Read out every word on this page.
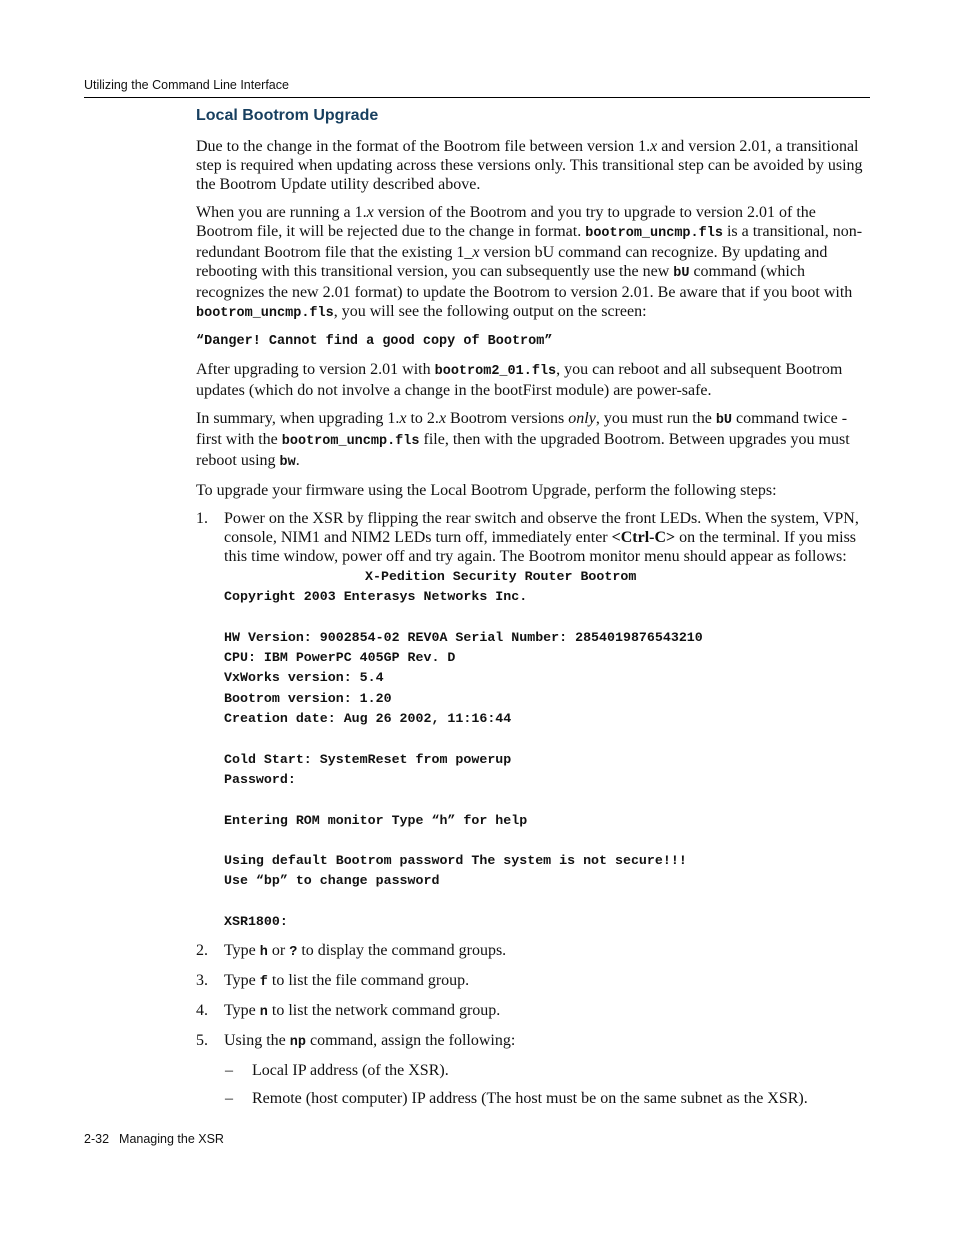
Utilizing the Command Line Interface
Local Bootrom Upgrade

Due to the change in the format of the Bootrom file between version 1.x and version 2.01, a transitional step is required when updating across these versions only. This transitional step can be avoided by using the Bootrom Update utility described above.

When you are running a 1.x version of the Bootrom and you try to upgrade to version 2.01 of the Bootrom file, it will be rejected due to the change in format. bootrom_uncmp.fls is a transitional, non-redundant Bootrom file that the existing 1_x version bU command can recognize. By updating and rebooting with this transitional version, you can subsequently use the new bU command (which recognizes the new 2.01 format) to update the Bootrom to version 2.01. Be aware that if you boot with bootrom_uncmp.fls, you will see the following output on the screen:

“Danger! Cannot find a good copy of Bootrom”

After upgrading to version 2.01 with bootrom2_01.fls, you can reboot and all subsequent Bootrom updates (which do not involve a change in the bootFirst module) are power-safe.

In summary, when upgrading 1.x to 2.x Bootrom versions only, you must run the bU command twice - first with the bootrom_uncmp.fls file, then with the upgraded Bootrom. Between upgrades you must reboot using bw.

To upgrade your firmware using the Local Bootrom Upgrade, perform the following steps:

1. Power on the XSR by flipping the rear switch and observe the front LEDs. When the system, VPN, console, NIM1 and NIM2 LEDs turn off, immediately enter <Ctrl-C> on the terminal. If you miss this time window, power off and try again. The Bootrom monitor menu should appear as follows:
X-Pedition Security Router Bootrom
Copyright 2003 Enterasys Networks Inc.
HW Version: 9002854-02 REV0A Serial Number: 2854019876543210
CPU: IBM PowerPC 405GP Rev. D
VxWorks version: 5.4
Bootrom version: 1.20
Creation date: Aug 26 2002, 11:16:44
Cold Start: SystemReset from powerup
Password:
Entering ROM monitor Type “h” for help
Using default Bootrom password The system is not secure!!!
Use “bp” to change password
XSR1800:
2. Type h or ? to display the command groups.
3. Type f to list the file command group.
4. Type n to list the network command group.
5. Using the np command, assign the following:
– Local IP address (of the XSR).
– Remote (host computer) IP address (The host must be on the same subnet as the XSR).
2-32 Managing the XSR
